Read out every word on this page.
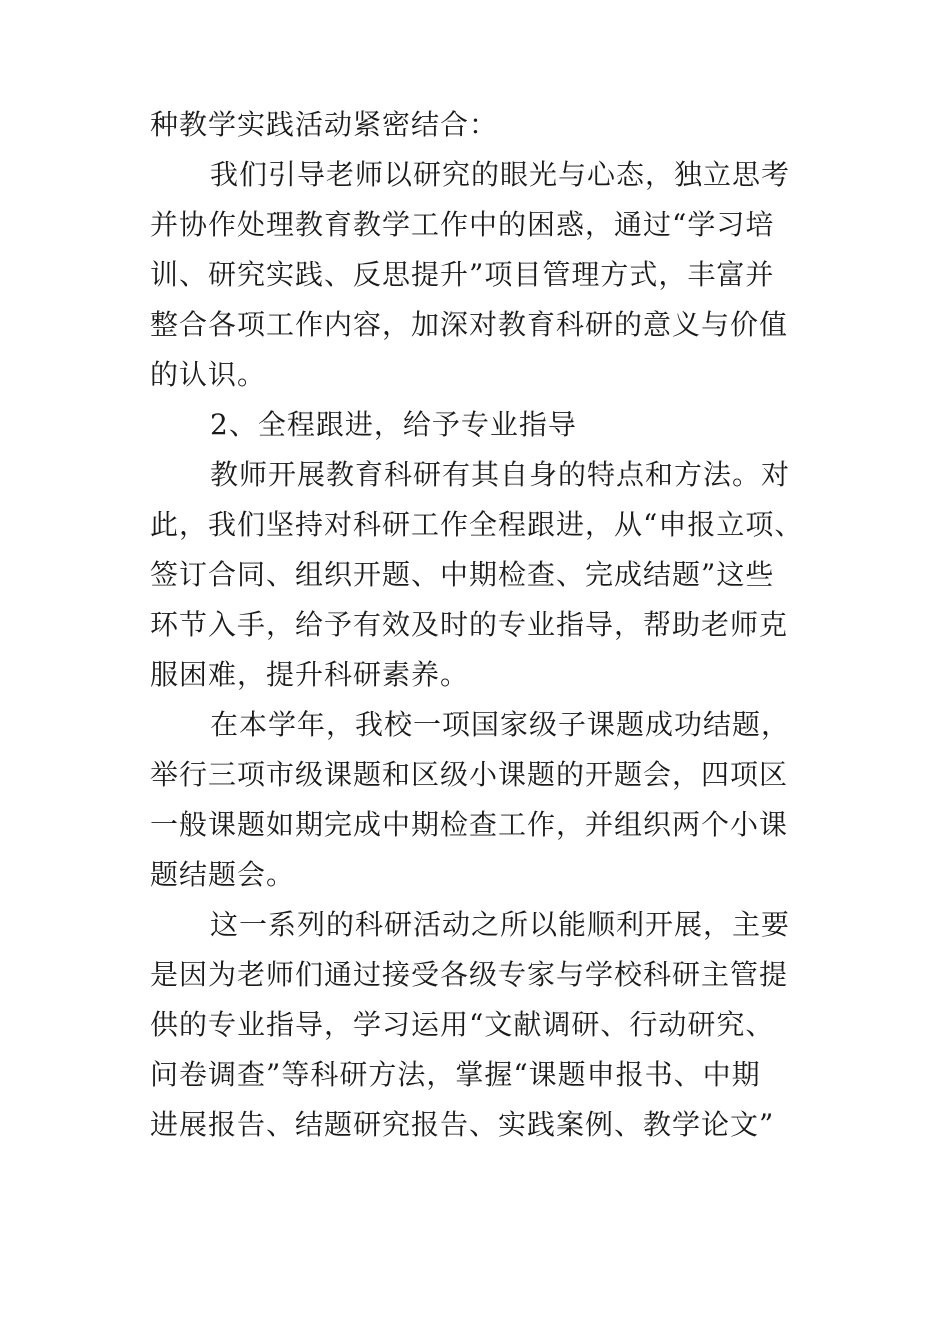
种教学实践活动紧密结合：
我们引导老师以研究的眼光与心态，独立思考
并协作处理教育教学工作中的困惑，通过“学习培
训、研究实践、反思提升”项目管理方式，丰富并
整合各项工作内容，加深对教育科研的意义与价值
的认识。
2、全程跟进，给予专业指导
教师开展教育科研有其自身的特点和方法。对
此，我们坚持对科研工作全程跟进，从“申报立项、
签订合同、组织开题、中期检查、完成结题”这些
环节入手，给予有效及时的专业指导，帮助老师克
服困难，提升科研素养。
在本学年，我校一项国家级子课题成功结题，
举行三项市级课题和区级小课题的开题会，四项区
一般课题如期完成中期检查工作，并组织两个小课
题结题会。
这一系列的科研活动之所以能顺利开展，主要
是因为老师们通过接受各级专家与学校科研主管提
供的专业指导，学习运用“文献调研、行动研究、
问卷调查”等科研方法，掌握“课题申报书、中期
进展报告、结题研究报告、实践案例、教学论文”
